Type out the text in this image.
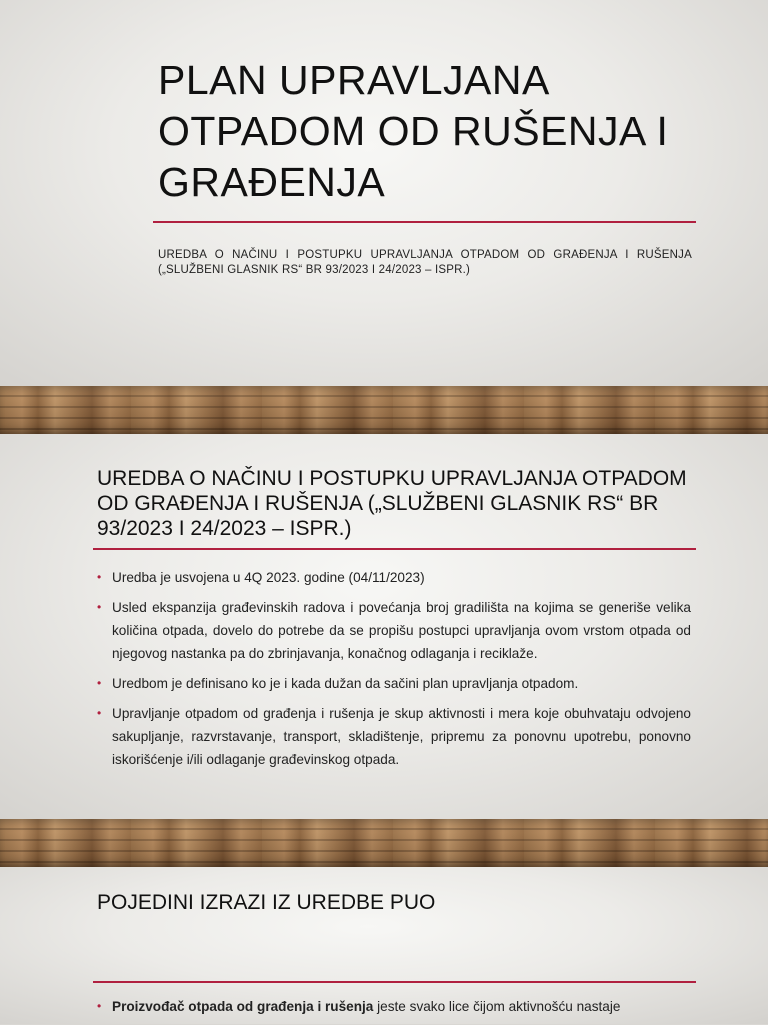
PLAN UPRAVLJANA OTPADOM OD RUŠENJA I GRAĐENJA
UREDBA O NAČINU I POSTUPKU UPRAVLJANJA OTPADOM OD GRAĐENJA I RUŠENJA („SLUŽBENI GLASNIK RS“ BR 93/2023 I 24/2023 – ISPR.)
UREDBA O NAČINU I POSTUPKU UPRAVLJANJA OTPADOM OD GRAĐENJA I RUŠENJA („SLUŽBENI GLASNIK RS“ BR 93/2023 I 24/2023 – ISPR.)
• Uredba je usvojena u 4Q 2023. godine (04/11/2023)
• Usled ekspanzija građevinskih radova i povećanja broj gradilišta na kojima se generiše velika količina otpada, dovelo do potrebe da se propišu postupci upravljanja ovom vrstom otpada od njegovog nastanka pa do zbrinjavanja, konačnog odlaganja i reciklaže.
• Uredbom je definisano ko je i kada dužan da sačini plan upravljanja otpadom.
• Upravljanje otpadom od građenja i rušenja je skup aktivnosti i mera koje obuhvataju odvojeno sakupljanje, razvrstavanje, transport, skladištenje, pripremu za ponovnu upotrebu, ponovno iskorišćenje i/ili odlaganje građevinskog otpada.
POJEDINI IZRAZI IZ UREDBE PUO
• Proizvođač otpada od građenja i rušenja jeste svako lice čijom aktivnošću nastaje
